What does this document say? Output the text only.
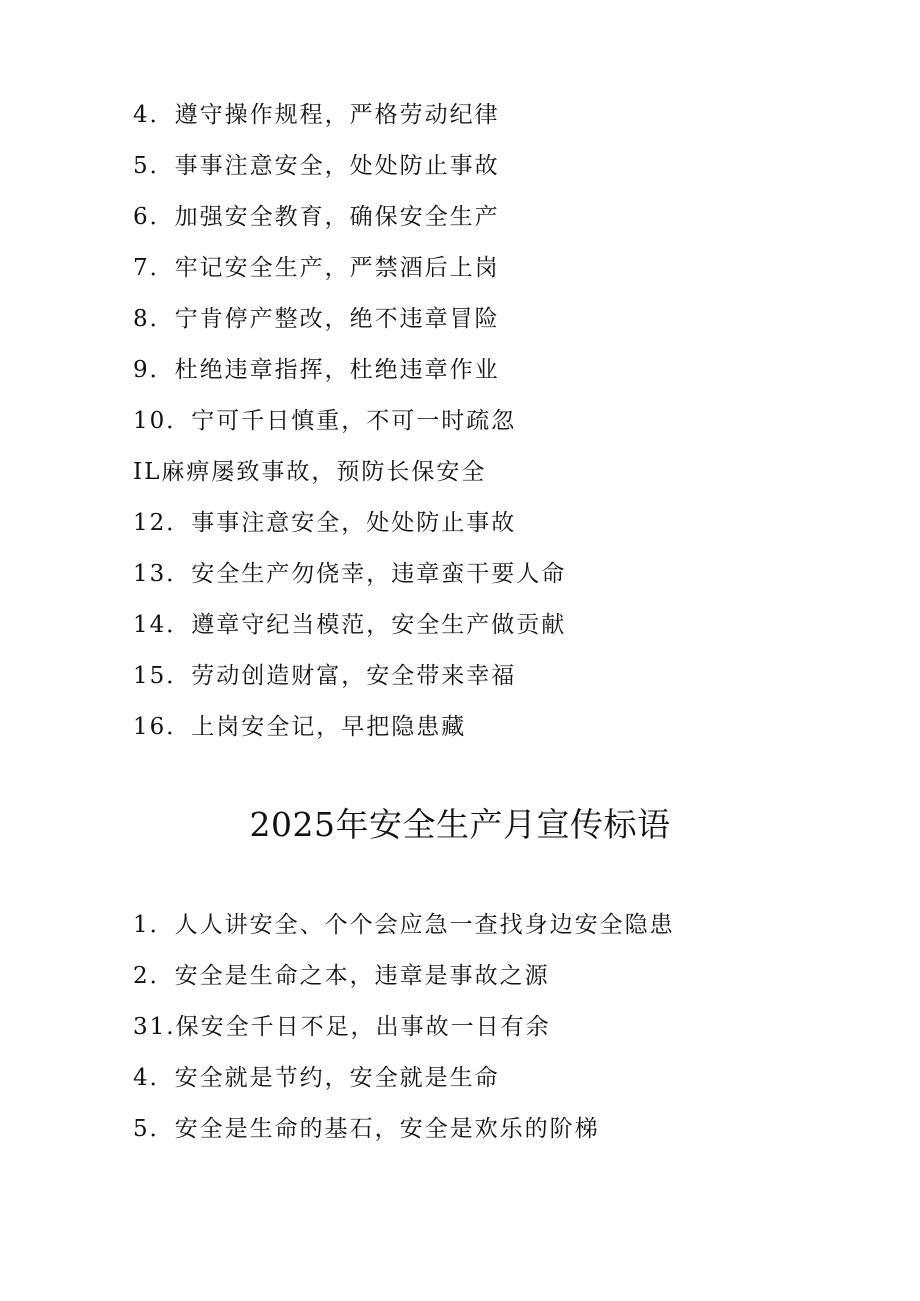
4．遵守操作规程，严格劳动纪律
5．事事注意安全，处处防止事故
6．加强安全教育，确保安全生产
7．牢记安全生产，严禁酒后上岗
8．宁肯停产整改，绝不违章冒险
9．杜绝违章指挥，杜绝违章作业
10．宁可千日慎重，不可一时疏忽
IL麻痹屡致事故，预防长保安全
12．事事注意安全，处处防止事故
13．安全生产勿侥幸，违章蛮干要人命
14．遵章守纪当模范，安全生产做贡献
15．劳动创造财富，安全带来幸福
16．上岗安全记，早把隐患藏
2025年安全生产月宣传标语
1．人人讲安全、个个会应急一查找身边安全隐患
2．安全是生命之本，违章是事故之源
31.保安全千日不足，出事故一日有余
4．安全就是节约，安全就是生命
5．安全是生命的基石，安全是欢乐的阶梯
